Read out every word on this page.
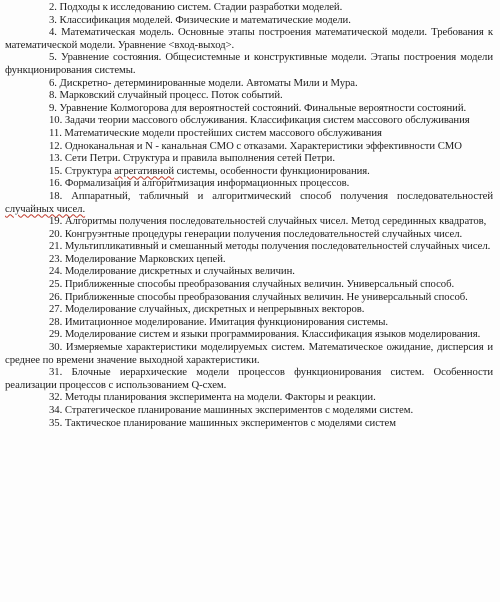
2. Подходы к исследованию систем. Стадии разработки моделей.
3. Классификация моделей. Физические и математические модели.
4. Математическая модель. Основные этапы построения математической модели. Требования к математической модели. Уравнение <вход-выход>.
5. Уравнение состояния. Общесистемные и конструктивные модели. Этапы построения модели функционирования системы.
6. Дискретно- детерминированные модели. Автоматы Мили и Мура.
8. Марковский случайный процесс. Поток событий.
9. Уравнение Колмогорова для вероятностей состояний. Финальные вероятности состояний.
10. Задачи теории массового обслуживания. Классификация систем массового обслуживания
11. Математические модели простейших систем массового обслуживания
12. Одноканальная и N - канальная СМО с отказами. Характеристики эффективности СМО
13. Сети Петри. Структура и правила выполнения сетей Петри.
15. Структура агрегативной системы, особенности функционирования.
16. Формализация и алгоритмизация информационных процессов.
18. Аппаратный, табличный и алгоритмический способ получения последовательностей случайных чисел.
19. Алгоритмы получения последовательностей случайных чисел. Метод серединных квадратов,
20. Конгруэнтные процедуры генерации получения последовательностей случайных чисел.
21. Мультипликативный и смешанный методы получения последовательностей случайных чисел.
23. Моделирование Марковских цепей.
24. Моделирование дискретных и случайных величин.
25. Приближенные способы преобразования случайных величин. Универсальный способ.
26. Приближенные способы преобразования случайных величин. Не универсальный способ.
27. Моделирование случайных, дискретных и непрерывных векторов.
28. Имитационное моделирование. Имитация функционирования системы.
29. Моделирование систем и языки программирования. Классификация языков моделирования.
30. Измеряемые характеристики моделируемых систем. Математическое ожидание, дисперсия и среднее по времени значение выходной характеристики.
31. Блочные иерархические модели процессов функционирования систем. Особенности реализации процессов с использованием Q-схем.
32. Методы планирования эксперимента на модели. Факторы и реакции.
34. Стратегическое планирование машинных экспериментов с моделями систем.
35. Тактическое планирование машинных экспериментов с моделями систем
